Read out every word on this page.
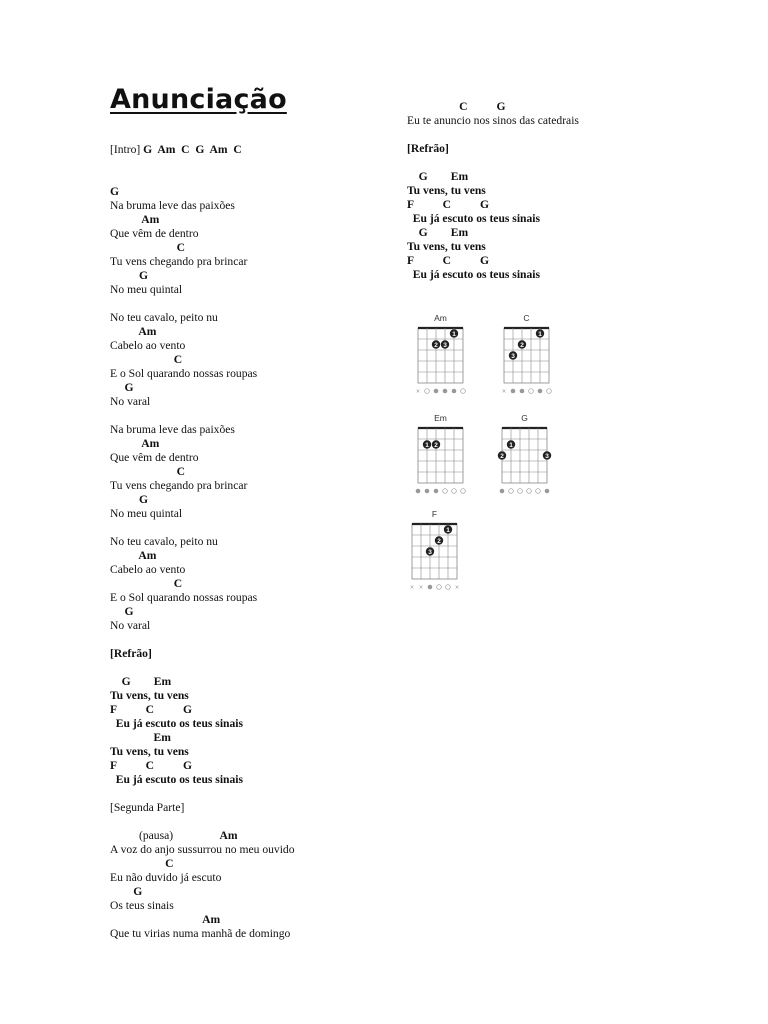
Anunciação
[Intro] G  Am  C  G  Am  C
G
Na bruma leve das paixões
Am
Que vêm de dentro
C
Tu vens chegando pra brincar
G
No meu quintal
No teu cavalo, peito nu
Am
Cabelo ao vento
C
E o Sol quarando nossas roupas
G
No varal
Na bruma leve das paixões
Am
Que vêm de dentro
C
Tu vens chegando pra brincar
G
No meu quintal
No teu cavalo, peito nu
Am
Cabelo ao vento
C
E o Sol quarando nossas roupas
G
No varal
[Refrão]
G        Em
Tu vens, tu vens
F          C          G
Eu já escuto os teus sinais
Em
Tu vens, tu vens
F          C          G
Eu já escuto os teus sinais
[Segunda Parte]
(pausa)                Am
A voz do anjo sussurrou no meu ouvido
C
Eu não duvido já escuto
G
Os teus sinais
Am
Que tu virias numa manhã de domingo
C          G
Eu te anuncio nos sinos das catedrais
[Refrão]
G        Em
Tu vens, tu vens
F          C          G
Eu já escuto os teus sinais
G        Em
Tu vens, tu vens
F          C          G
Eu já escuto os teus sinais
Am
2 3
1
×
C
3
2
1
×
Em
1 2
G
2
1
3
F
3
2
1
× ×	×
